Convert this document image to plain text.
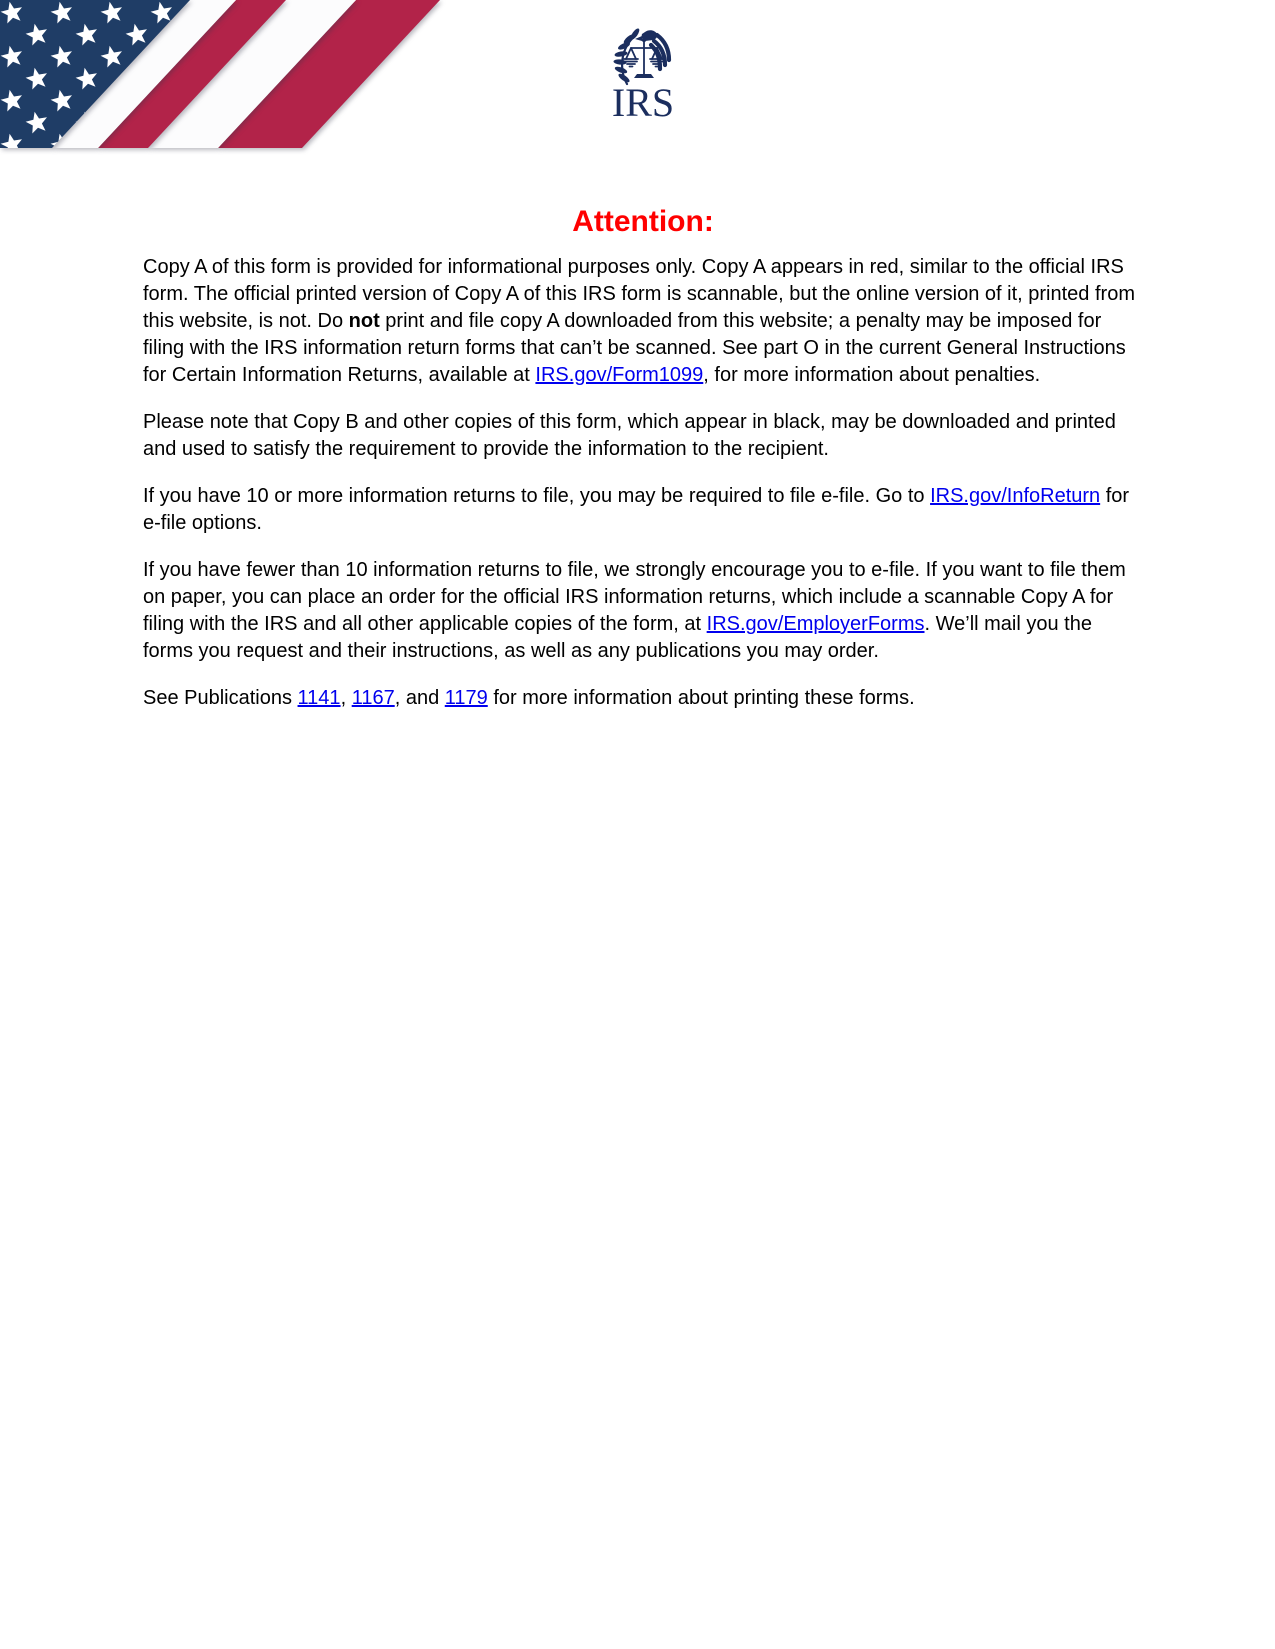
IRS
Attention:

Copy A of this form is provided for informational purposes only. Copy A appears in red, similar to the official IRS form. The official printed version of Copy A of this IRS form is scannable, but the online version of it, printed from this website, is not. Do not print and file copy A downloaded from this website; a penalty may be imposed for filing with the IRS information return forms that can’t be scanned. See part O in the current General Instructions for Certain Information Returns, available at IRS.gov/Form1099, for more information about penalties.

Please note that Copy B and other copies of this form, which appear in black, may be downloaded and printed and used to satisfy the requirement to provide the information to the recipient.

If you have 10 or more information returns to file, you may be required to file e-file. Go to IRS.gov/InfoReturn for e-file options.

If you have fewer than 10 information returns to file, we strongly encourage you to e-file. If you want to file them on paper, you can place an order for the official IRS information returns, which include a scannable Copy A for filing with the IRS and all other applicable copies of the form, at IRS.gov/EmployerForms. We’ll mail you the forms you request and their instructions, as well as any publications you may order.

See Publications 1141, 1167, and 1179 for more information about printing these forms.
